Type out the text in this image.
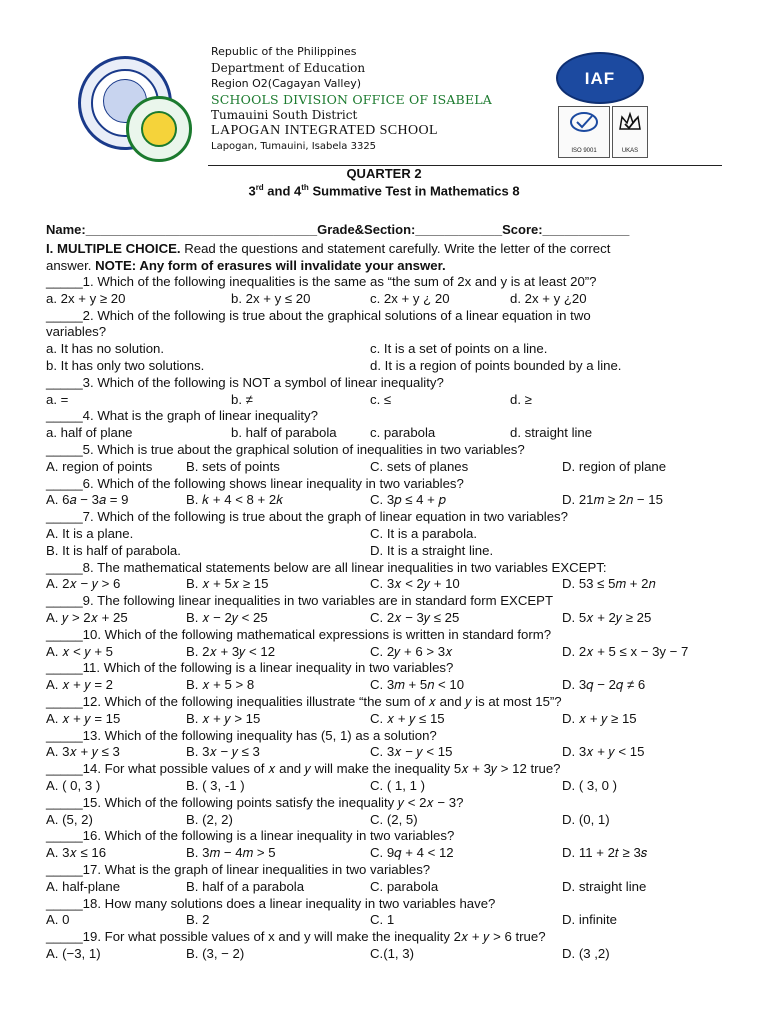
Republic of the Philippines
Department of Education
Region O2(Cagayan Valley)
SCHOOLS DIVISION OFFICE OF ISABELA
Tumauini South District
LAPOGAN INTEGRATED SCHOOL
Lapogan, Tumauini, Isabela 3325
IAF
ISO 9001	UKAS
QUARTER 2
3rd and 4th Summative Test in Mathematics 8
Name:________________________________Grade&Section:____________Score:____________
I. MULTIPLE CHOICE. Read the questions and statement carefully. Write the letter of the correct
answer. NOTE: Any form of erasures will invalidate your answer.
_____1. Which of the following inequalities is the same as “the sum of 2x and y is at least 20”?
a. 2x + y ≥ 20	b. 2x + y ≤ 20	c. 2x + y ¿ 20	d. 2x + y ¿20
_____2. Which of the following is true about the graphical solutions of a linear equation in two
variables?
a. It has no solution.	c. It is a set of points on a line.
b. It has only two solutions.	d. It is a region of points bounded by a line.
_____3. Which of the following is NOT a symbol of linear inequality?
a. =	b. ≠	c. ≤	d. ≥
_____4. What is the graph of linear inequality?
a. half of plane	b. half of parabola	c. parabola	d. straight line
_____5. Which is true about the graphical solution of inequalities in two variables?
A. region of points	B. sets of points	C. sets of planes	D. region of plane
_____6. Which of the following shows linear inequality in two variables?
A. 6𝑎 − 3𝑎 = 9	B. 𝑘 + 4 < 8 + 2𝑘	C. 3𝑝 ≤ 4 + 𝑝	D. 21𝑚 ≥ 2𝑛 − 15
_____7. Which of the following is true about the graph of linear equation in two variables?
A. It is a plane.	C. It is a parabola.
B. It is half of parabola.	D. It is a straight line.
_____8. The mathematical statements below are all linear inequalities in two variables EXCEPT:
A. 2𝑥 − 𝑦 > 6	B. 𝑥 + 5𝑥 ≥ 15	C. 3𝑥 < 2𝑦 + 10	D. 53 ≤ 5𝑚 + 2𝑛
_____9. The following linear inequalities in two variables are in standard form EXCEPT
A. 𝑦 > 2𝑥 + 25	B. 𝑥 − 2𝑦 < 25	C. 2𝑥 − 3𝑦 ≤ 25	D. 5𝑥 + 2𝑦 ≥ 25
_____10. Which of the following mathematical expressions is written in standard form?
A. 𝑥 < 𝑦 + 5	B. 2𝑥 + 3𝑦 < 12	C. 2𝑦 + 6 > 3𝑥	D. 2𝑥 + 5 ≤ x − 3y − 7
_____11. Which of the following is a linear inequality in two variables?
A. 𝑥 + 𝑦 = 2	B. 𝑥 + 5 > 8	C. 3𝑚 + 5𝑛 < 10	D. 3𝑞 − 2𝑞 ≠ 6
_____12. Which of the following inequalities illustrate “the sum of 𝑥 and 𝑦 is at most 15”?
A. 𝑥 + 𝑦 = 15	B. 𝑥 + 𝑦 > 15	C. 𝑥 + 𝑦 ≤ 15	D. 𝑥 + 𝑦 ≥ 15
_____13. Which of the following inequality has (5, 1) as a solution?
A. 3𝑥 + 𝑦 ≤ 3	B. 3𝑥 − 𝑦 ≤ 3	C. 3𝑥 − 𝑦 < 15	D. 3𝑥 + 𝑦 < 15
_____14. For what possible values of 𝑥 and 𝑦 will make the inequality 5𝑥 + 3𝑦 > 12 true?
A. ( 0, 3 )	B. ( 3, -1 )	C. ( 1, 1 )	D. ( 3, 0 )
_____15. Which of the following points satisfy the inequality 𝑦 < 2𝑥 − 3?
A. (5, 2)	B. (2, 2)	C. (2, 5)	D. (0, 1)
_____16. Which of the following is a linear inequality in two variables?
A. 3𝑥 ≤ 16	B. 3𝑚 − 4𝑚 > 5	C. 9𝑞 + 4 < 12	D. 11 + 2𝑡 ≥ 3𝑠
_____17. What is the graph of linear inequalities in two variables?
A. half-plane	B. half of a parabola	C. parabola	D. straight line
_____18. How many solutions does a linear inequality in two variables have?
A. 0	B. 2	C. 1	D. infinite
_____19. For what possible values of x and y will make the inequality 2𝑥 + 𝑦 > 6 true?
A. (−3, 1)	B. (3, − 2)	C.(1, 3)	D. (3 ,2)
